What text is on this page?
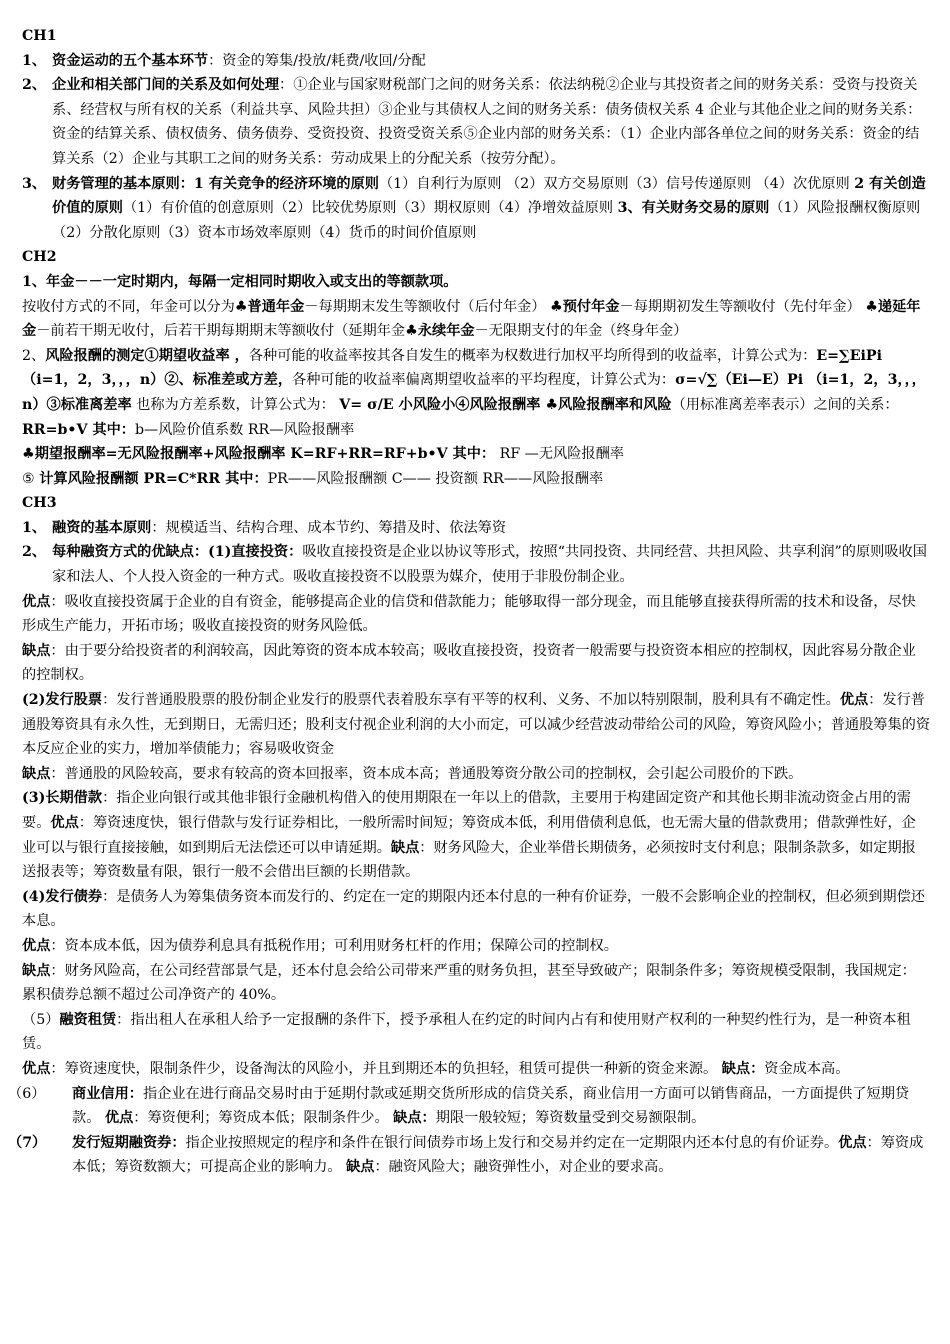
CH1

1、 资金运动的五个基本环节：资金的筹集/投放/耗费/收回/分配
2、 企业和相关部门间的关系及如何处理：①企业与国家财税部门之间的财务关系：依法纳税②企业与其投资者之间的财务关系：受资与投资关系、经营权与所有权的关系（利益共享、风险共担）③企业与其债权人之间的财务关系：债务债权关系 4 企业与其他企业之间的财务关系：资金的结算关系、债权债务、债务债券、受资投资、投资受资关系⑤企业内部的财务关系：（1）企业内部各单位之间的财务关系：资金的结算关系（2）企业与其职工之间的财务关系：劳动成果上的分配关系（按劳分配）。
3、 财务管理的基本原则：1 有关竞争的经济环境的原则（1）自利行为原则 （2）双方交易原则（3）信号传递原则 （4）次优原则 2 有关创造价值的原则（1）有价值的创意原则（2）比较优势原则（3）期权原则（4）净增效益原则 3、有关财务交易的原则（1）风险报酬权衡原则（2）分散化原则（3）资本市场效率原则（4）货币的时间价值原则

CH2

1、年金－－一定时期内，每隔一定相同时期收入或支出的等额款项。

按收付方式的不同，年金可以分为♣普通年金－每期期末发生等额收付（后付年金） ♣预付年金－每期期初发生等额收付（先付年金） ♣递延年金－前若干期无收付，后若干期每期期末等额收付（延期年金♣永续年金－无限期支付的年金（终身年金）

2、风险报酬的测定①期望收益率 ，各种可能的收益率按其各自发生的概率为权数进行加权平均所得到的收益率，计算公式为：E=∑EiPi （i=1，2，3，，，n）②、标准差或方差，各种可能的收益率偏离期望收益率的平均程度，计算公式为：σ=√∑（Ei—E）Pi （i=1，2，3，，，n）③标准离差率 也称为方差系数，计算公式为： V= σ/E 小风险小④风险报酬率 ♣风险报酬率和风险（用标准离差率表示）之间的关系：RR=b•V 其中：b—风险价值系数 RR—风险报酬率

♣期望报酬率=无风险报酬率+风险报酬率 K=RF+RR=RF+b•V 其中： RF —无风险报酬率

⑤ 计算风险报酬额 PR=C*RR 其中：PR——风险报酬额 C—— 投资额 RR——风险报酬率

CH3

1、 融资的基本原则：规模适当、结构合理、成本节约、筹措及时、依法筹资
2、 每种融资方式的优缺点：(1)直接投资：吸收直接投资是企业以协议等形式，按照“共同投资、共同经营、共担风险、共享利润”的原则吸收国家和法人、个人投入资金的一种方式。吸收直接投资不以股票为媒介，使用于非股份制企业。

优点：吸收直接投资属于企业的自有资金，能够提高企业的信贷和借款能力；能够取得一部分现金，而且能够直接获得所需的技术和设备，尽快形成生产能力，开拓市场；吸收直接投资的财务风险低。

缺点：由于要分给投资者的利润较高，因此筹资的资本成本较高；吸收直接投资，投资者一般需要与投资资本相应的控制权，因此容易分散企业的控制权。

(2)发行股票：发行普通股股票的股份制企业发行的股票代表着股东享有平等的权利、义务、不加以特别限制，股利具有不确定性。优点：发行普通股筹资具有永久性，无到期日，无需归还；股利支付视企业利润的大小而定，可以减少经营波动带给公司的风险，筹资风险小；普通股筹集的资本反应企业的实力，增加举债能力；容易吸收资金

缺点：普通股的风险较高，要求有较高的资本回报率，资本成本高；普通股筹资分散公司的控制权，会引起公司股价的下跌。

(3)长期借款：指企业向银行或其他非银行金融机构借入的使用期限在一年以上的借款，主要用于构建固定资产和其他长期非流动资金占用的需要。优点：筹资速度快，银行借款与发行证券相比，一般所需时间短；筹资成本低，利用借债利息低，也无需大量的借款费用；借款弹性好，企业可以与银行直接接触，如到期后无法偿还可以申请延期。缺点：财务风险大，企业举借长期债务，必须按时支付利息；限制条款多，如定期报送报表等；筹资数量有限，银行一般不会借出巨额的长期借款。

(4)发行债券：是债务人为筹集债务资本而发行的、约定在一定的期限内还本付息的一种有价证券，一般不会影响企业的控制权，但必须到期偿还本息。

优点：资本成本低，因为债券利息具有抵税作用；可利用财务杠杆的作用；保障公司的控制权。

缺点：财务风险高，在公司经营部景气是，还本付息会给公司带来严重的财务负担，甚至导致破产；限制条件多；筹资规模受限制，我国规定：累积债券总额不超过公司净资产的 40%。

（5）融资租赁：指出租人在承租人给予一定报酬的条件下，授予承租人在约定的时间内占有和使用财产权利的一种契约性行为，是一种资本租赁。

优点：筹资速度快，限制条件少，设备淘汰的风险小，并且到期还本的负担轻，租赁可提供一种新的资金来源。 缺点：资金成本高。

（6） 商业信用：指企业在进行商品交易时由于延期付款或延期交货所形成的信贷关系，商业信用一方面可以销售商品，一方面提供了短期贷款。 优点：筹资便利；筹资成本低；限制条件少。 缺点：期限一般较短；筹资数量受到交易额限制。

（7） 发行短期融资券：指企业按照规定的程序和条件在银行间债券市场上发行和交易并约定在一定期限内还本付息的有价证券。优点：筹资成本低；筹资数额大；可提高企业的影响力。 缺点：融资风险大；融资弹性小，对企业的要求高。
